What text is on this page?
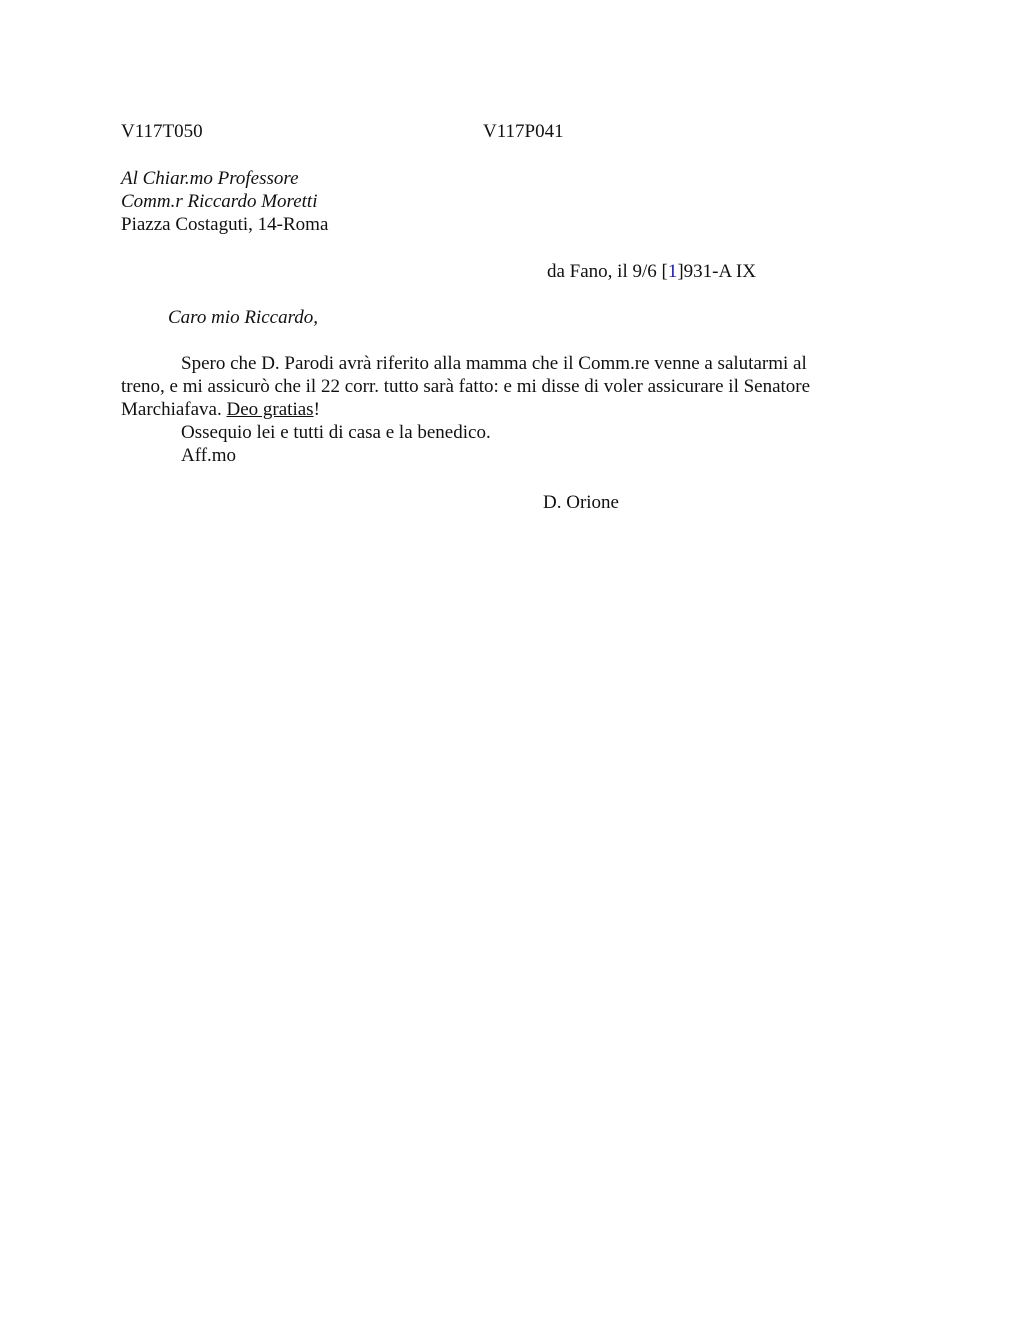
V117T050	V117P041
Al Chiar.mo Professore
Comm.r Riccardo Moretti
Piazza Costaguti, 14-Roma
da Fano, il 9/6 [1]931-A IX
Caro mio Riccardo,
Spero che D. Parodi avrà riferito alla mamma che il Comm.re venne a salutarmi al
treno, e mi assicurò che il 22 corr. tutto sarà fatto: e mi disse di voler assicurare il Senatore
Marchiafava. Deo gratias!
Ossequio lei e tutti di casa e la benedico.
Aff.mo
D. Orione
